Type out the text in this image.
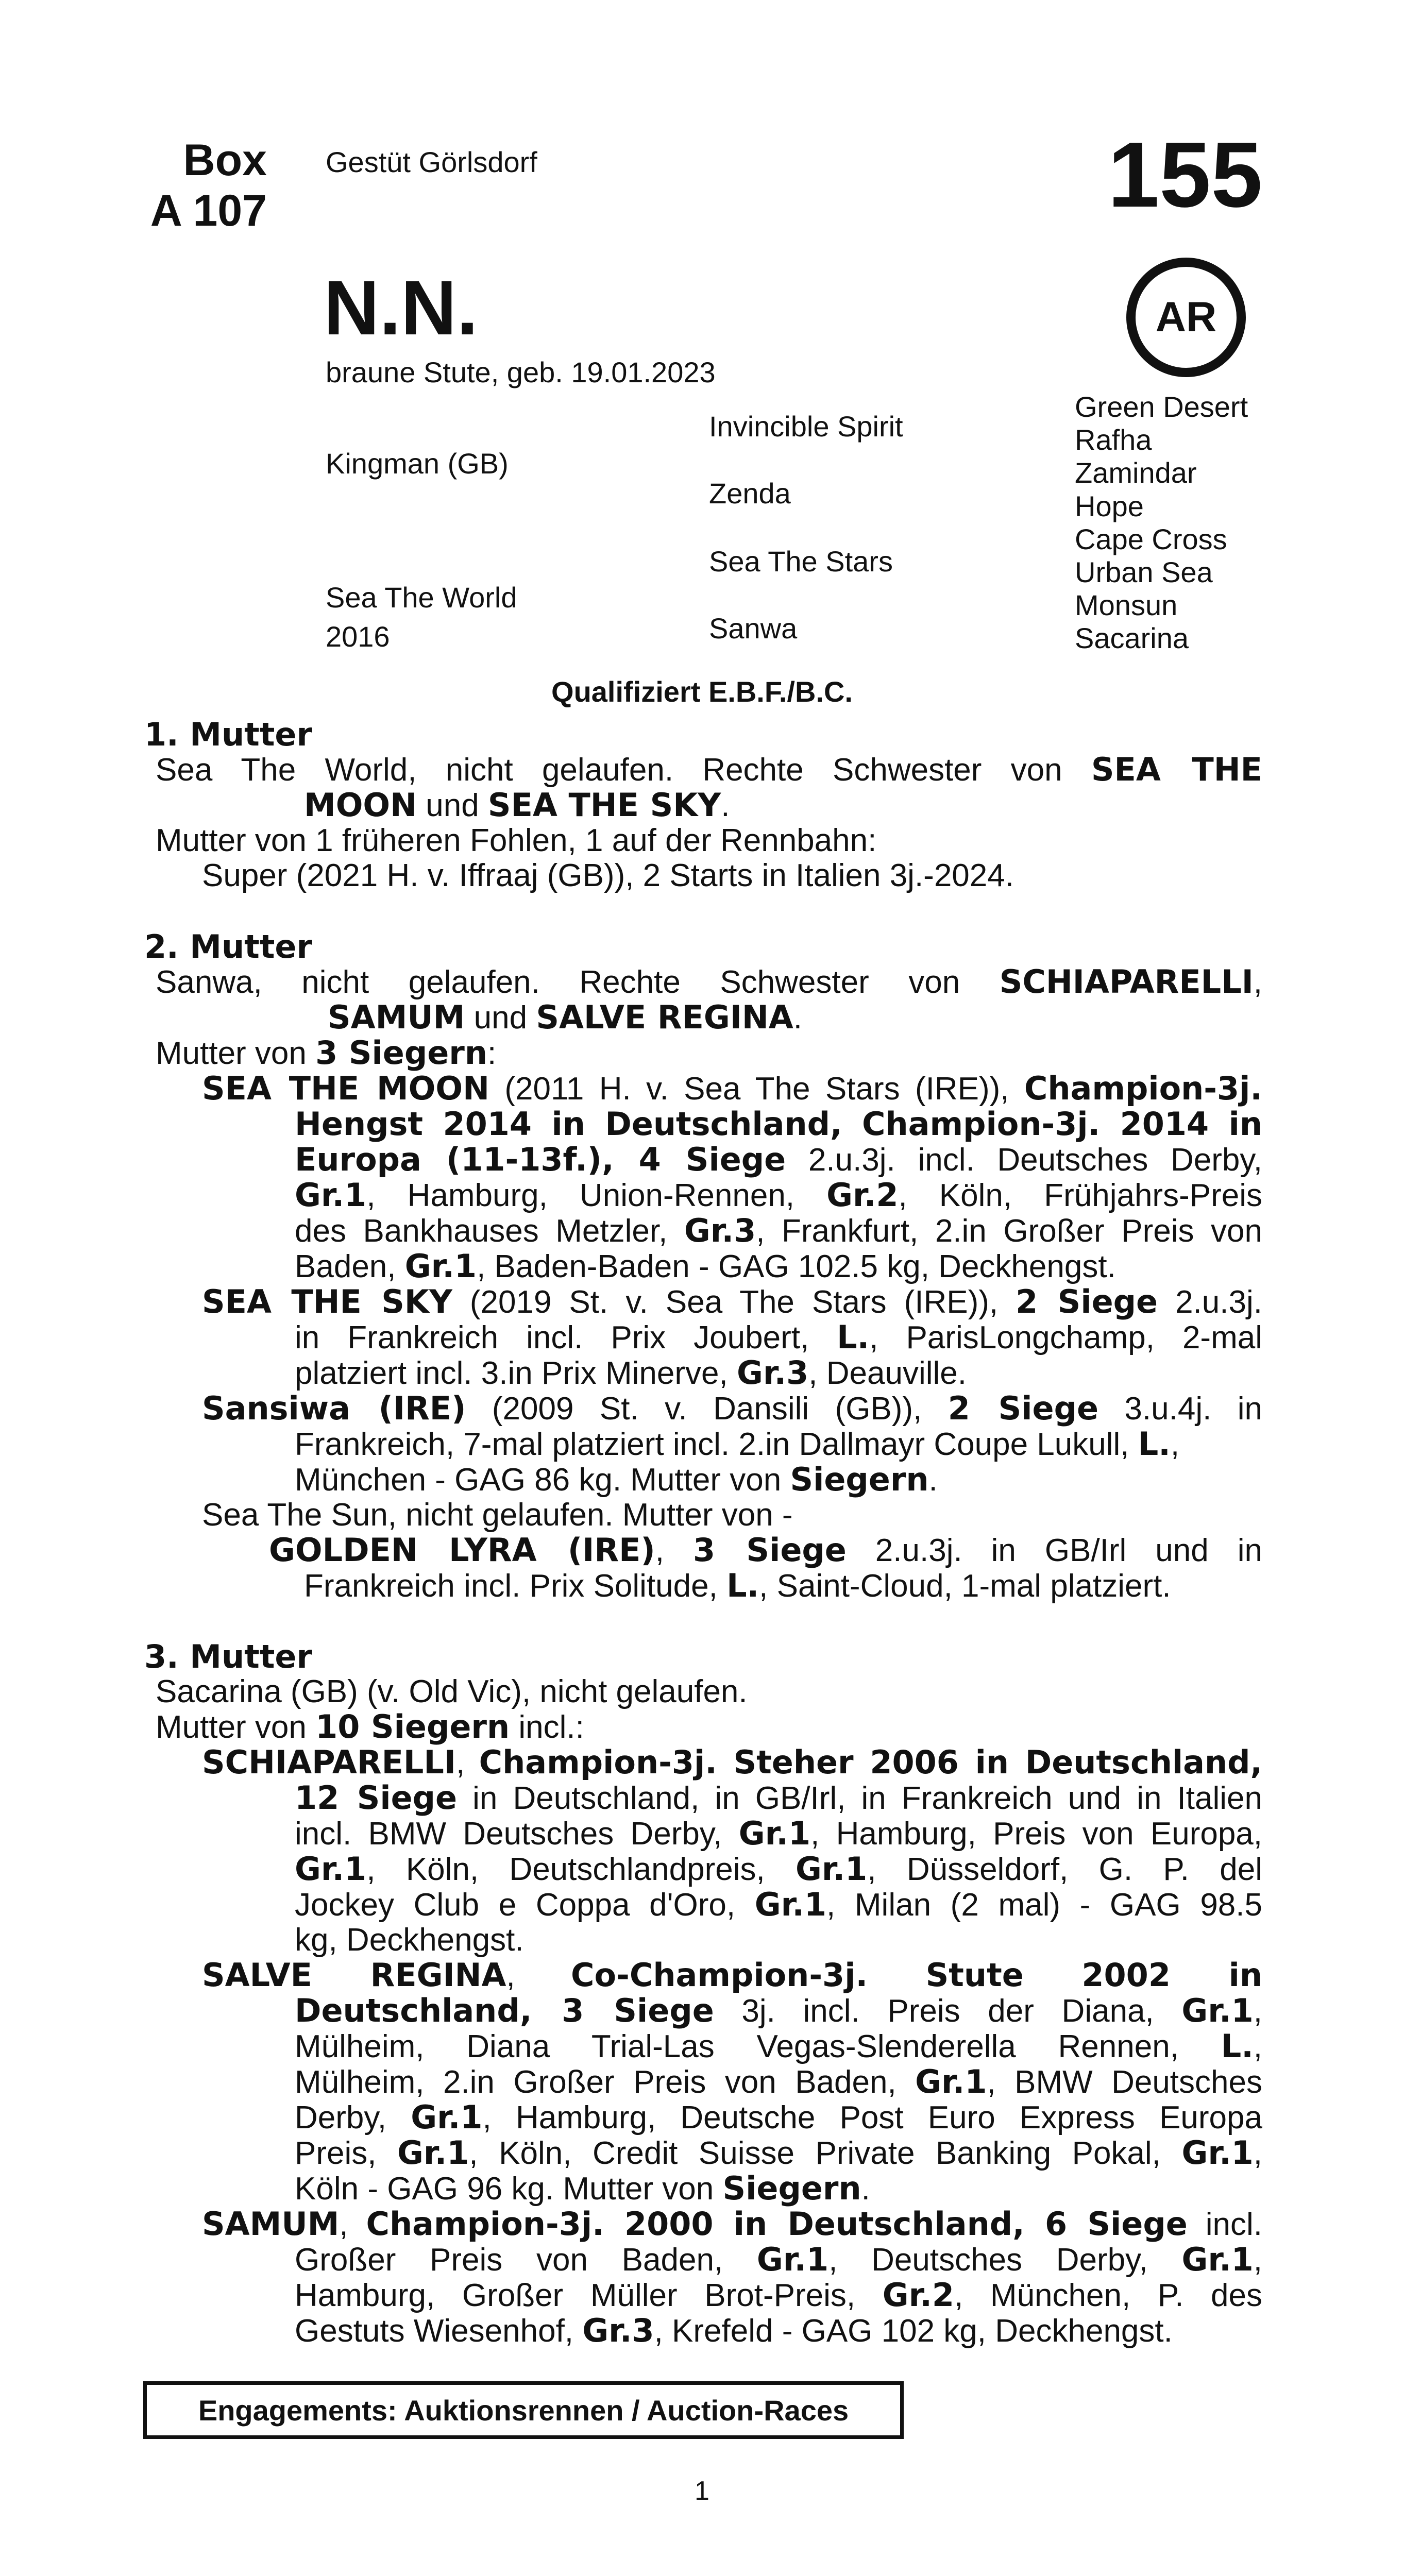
Box
A 107
Gestüt Görlsdorf	155
AR
N.N.
braune Stute, geb. 19.01.2023
Kingman (GB)
Sea The World
2016
Invincible Spirit
Zenda
Sea The Stars
Sanwa
Green Desert
Rafha
Zamindar
Hope
Cape Cross
Urban Sea
Monsun
Sacarina
Qualifiziert E.B.F./B.C.
1. Mutter
Sea The World, nicht gelaufen. Rechte Schwester von SEA THE
MOON und SEA THE SKY.
Mutter von 1 früheren Fohlen, 1 auf der Rennbahn:
Super (2021 H. v. Iffraaj (GB)), 2 Starts in Italien 3j.-2024.
2. Mutter
Sanwa, nicht gelaufen. Rechte Schwester von SCHIAPARELLI,
SAMUM und SALVE REGINA.
Mutter von 3 Siegern:
SEA THE MOON (2011 H. v. Sea The Stars (IRE)), Champion-3j.
Hengst 2014 in Deutschland, Champion-3j. 2014 in
Europa (11-13f.), 4 Siege 2.u.3j. incl. Deutsches Derby,
Gr.1, Hamburg, Union-Rennen, Gr.2, Köln, Frühjahrs-Preis
des Bankhauses Metzler, Gr.3, Frankfurt, 2.in Großer Preis von
Baden, Gr.1, Baden-Baden - GAG 102.5 kg, Deckhengst.
SEA THE SKY (2019 St. v. Sea The Stars (IRE)), 2 Siege 2.u.3j.
in Frankreich incl. Prix Joubert, L., ParisLongchamp, 2-mal
platziert incl. 3.in Prix Minerve, Gr.3, Deauville.
Sansiwa (IRE) (2009 St. v. Dansili (GB)), 2 Siege 3.u.4j. in
Frankreich, 7-mal platziert incl. 2.in Dallmayr Coupe Lukull, L.,
München - GAG 86 kg. Mutter von Siegern.
Sea The Sun, nicht gelaufen. Mutter von -
GOLDEN LYRA (IRE), 3 Siege 2.u.3j. in GB/Irl und in
Frankreich incl. Prix Solitude, L., Saint-Cloud, 1-mal platziert.
3. Mutter
Sacarina (GB) (v. Old Vic), nicht gelaufen.
Mutter von 10 Siegern incl.:
SCHIAPARELLI, Champion-3j. Steher 2006 in Deutschland,
12 Siege in Deutschland, in GB/Irl, in Frankreich und in Italien
incl. BMW Deutsches Derby, Gr.1, Hamburg, Preis von Europa,
Gr.1, Köln, Deutschlandpreis, Gr.1, Düsseldorf, G. P. del
Jockey Club e Coppa d'Oro, Gr.1, Milan (2 mal) - GAG 98.5
kg, Deckhengst.
SALVE REGINA, Co-Champion-3j. Stute 2002 in
Deutschland, 3 Siege 3j. incl. Preis der Diana, Gr.1,
Mülheim, Diana Trial-Las Vegas-Slenderella Rennen, L.,
Mülheim, 2.in Großer Preis von Baden, Gr.1, BMW Deutsches
Derby, Gr.1, Hamburg, Deutsche Post Euro Express Europa
Preis, Gr.1, Köln, Credit Suisse Private Banking Pokal, Gr.1,
Köln - GAG 96 kg. Mutter von Siegern.
SAMUM, Champion-3j. 2000 in Deutschland, 6 Siege incl.
Großer Preis von Baden, Gr.1, Deutsches Derby, Gr.1,
Hamburg, Großer Müller Brot-Preis, Gr.2, München, P. des
Gestuts Wiesenhof, Gr.3, Krefeld - GAG 102 kg, Deckhengst.
Engagements: Auktionsrennen / Auction-Races
1
